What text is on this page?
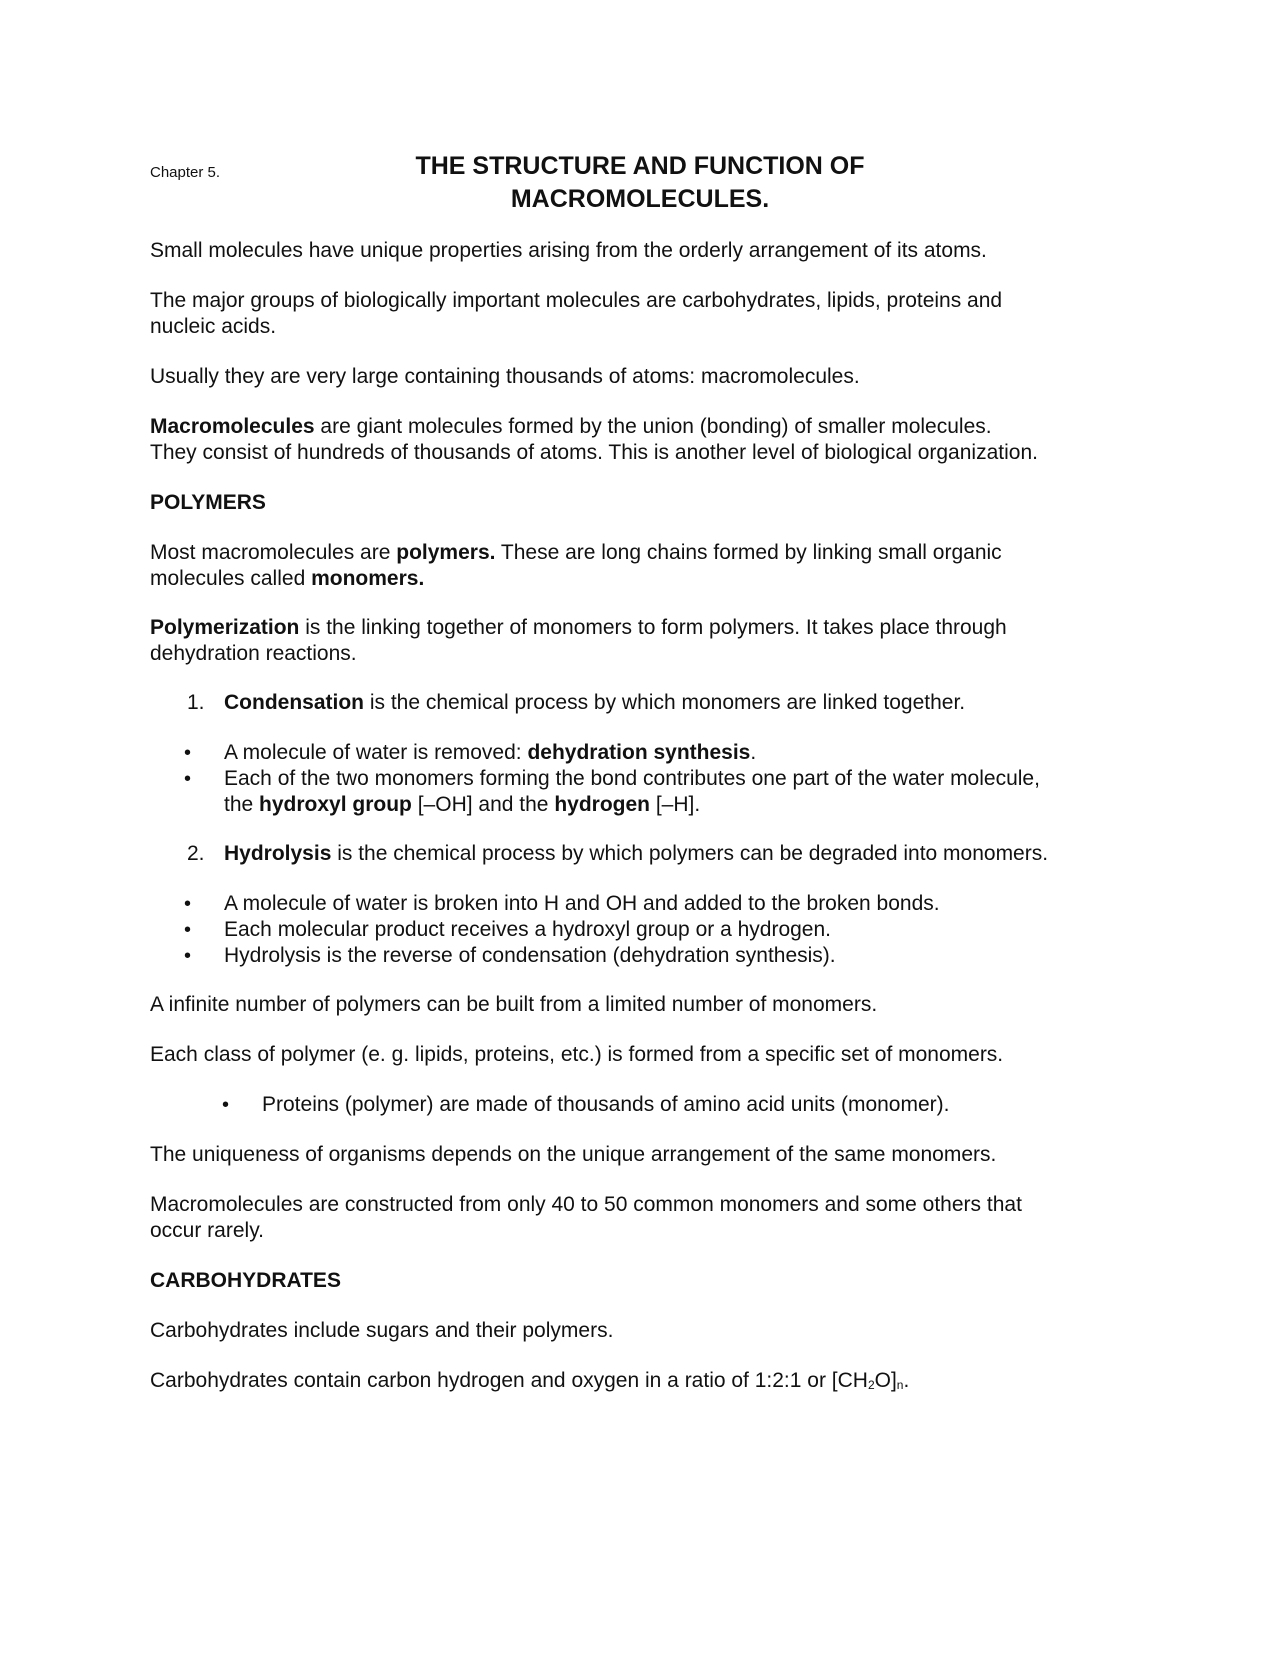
Chapter 5.	THE STRUCTURE AND FUNCTION OF
MACROMOLECULES.
Small molecules have unique properties arising from the orderly arrangement of its atoms.
The major groups of biologically important molecules are carbohydrates, lipids, proteins and
nucleic acids.
Usually they are very large containing thousands of atoms: macromolecules.
Macromolecules are giant molecules formed by the union (bonding) of smaller molecules.
They consist of hundreds of thousands of atoms. This is another level of biological organization.
POLYMERS
Most macromolecules are polymers. These are long chains formed by linking small organic
molecules called monomers.
Polymerization is the linking together of monomers to form polymers. It takes place through
dehydration reactions.
1. Condensation is the chemical process by which monomers are linked together.
• A molecule of water is removed: dehydration synthesis.
• Each of the two monomers forming the bond contributes one part of the water molecule,
the hydroxyl group [–OH] and the hydrogen [–H].
2. Hydrolysis is the chemical process by which polymers can be degraded into monomers.
• A molecule of water is broken into H and OH and added to the broken bonds.
• Each molecular product receives a hydroxyl group or a hydrogen.
• Hydrolysis is the reverse of condensation (dehydration synthesis).
A infinite number of polymers can be built from a limited number of monomers.
Each class of polymer (e. g. lipids, proteins, etc.) is formed from a specific set of monomers.
• Proteins (polymer) are made of thousands of amino acid units (monomer).
The uniqueness of organisms depends on the unique arrangement of the same monomers.
Macromolecules are constructed from only 40 to 50 common monomers and some others that
occur rarely.
CARBOHYDRATES
Carbohydrates include sugars and their polymers.
Carbohydrates contain carbon hydrogen and oxygen in a ratio of 1:2:1 or $[CH_2O]_n$.
